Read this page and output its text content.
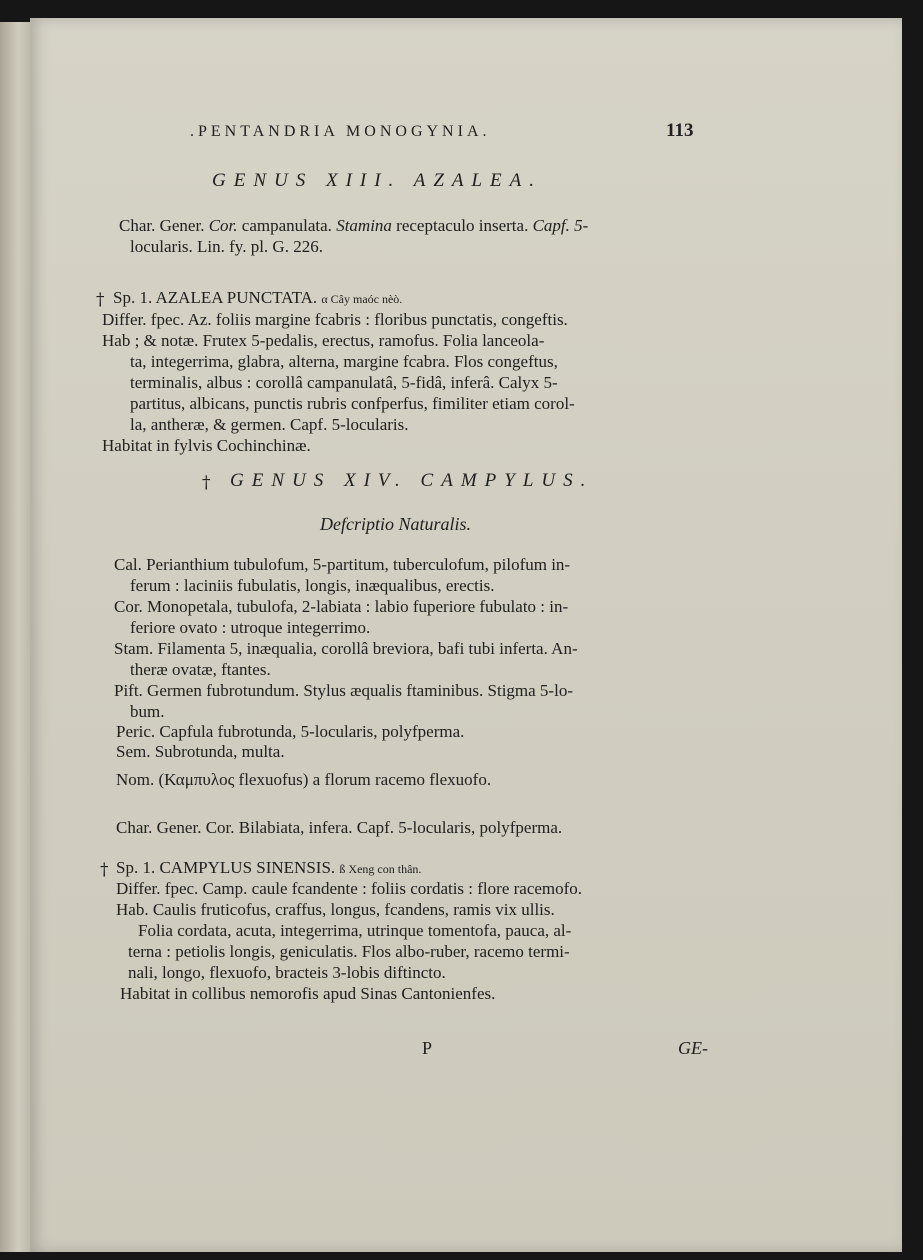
.PENTANDRIA MONOGYNIA.	113
GENUS XIII. AZALEA.
Char. Gener. Cor. campanulata. Stamina receptaculo inserta. Capf. 5-
locularis. Lin. fy. pl. G. 226.
† Sp. 1. AZALEA PUNCTATA. α Cây maóc nèò.
Differ. fpec. Az. foliis margine fcabris : floribus punctatis, congeftis.
Hab ; & notæ. Frutex 5-pedalis, erectus, ramofus. Folia lanceola-
ta, integerrima, glabra, alterna, margine fcabra. Flos congeftus,
terminalis, albus : corollâ campanulatâ, 5-fidâ, inferâ. Calyx 5-
partitus, albicans, punctis rubris confperfus, fimiliter etiam corol-
la, antheræ, & germen. Capf. 5-locularis.
Habitat in fylvis Cochinchinæ.
† GENUS XIV. CAMPYLUS.
Defcriptio Naturalis.
Cal. Perianthium tubulofum, 5-partitum, tuberculofum, pilofum in-
ferum : laciniis fubulatis, longis, inæqualibus, erectis.
Cor. Monopetala, tubulofa, 2-labiata : labio fuperiore fubulato : in-
feriore ovato : utroque integerrimo.
Stam. Filamenta 5, inæqualia, corollâ breviora, bafi tubi inferta. An-
theræ ovatæ, ftantes.
Pift. Germen fubrotundum. Stylus æqualis ftaminibus. Stigma 5-lo-
bum.
Peric. Capfula fubrotunda, 5-locularis, polyfperma.
Sem. Subrotunda, multa.
Nom. (Καμπυλος flexuofus) a florum racemo flexuofo.
Char. Gener. Cor. Bilabiata, infera. Capf. 5-locularis, polyfperma.
† Sp. 1. CAMPYLUS SINENSIS. ß Xeng con thân.
Differ. fpec. Camp. caule fcandente : foliis cordatis : flore racemofo.
Hab. Caulis fruticofus, craffus, longus, fcandens, ramis vix ullis.
Folia cordata, acuta, integerrima, utrinque tomentofa, pauca, al-
terna : petiolis longis, geniculatis. Flos albo-ruber, racemo termi-
nali, longo, flexuofo, bracteis 3-lobis diftincto.
Habitat in collibus nemorofis apud Sinas Cantonienfes.
P	GE-
